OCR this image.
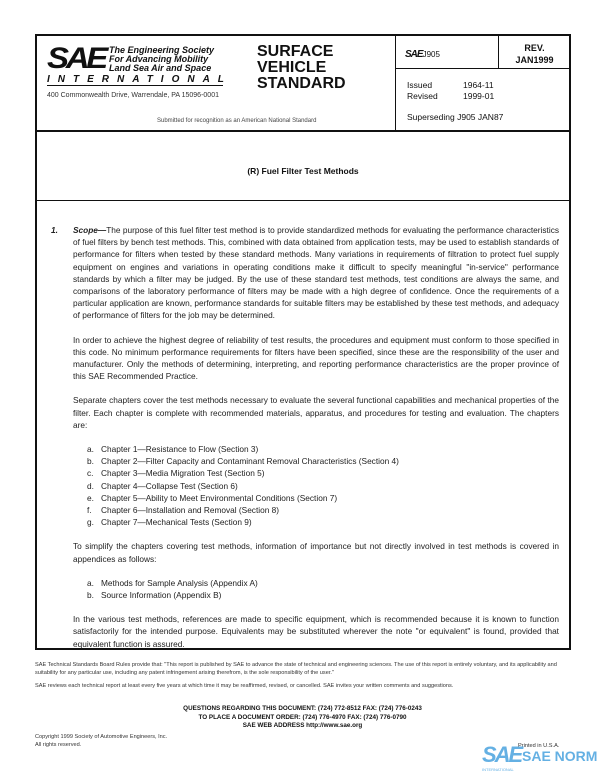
SAE The Engineering Society
For Advancing Mobility
Land Sea Air and Space
INTERNATIONAL
400 Commonwealth Drive, Warrendale, PA 15096-0001
SURFACE
VEHICLE
STANDARD
Submitted for recognition as an American National Standard
SAEJ905
REV.
JAN1999
Issued	1964-11
Revised	1999-01
Superseding J905 JAN87
(R) Fuel Filter Test Methods
1. Scope—The purpose of this fuel filter test method is to provide standardized methods for evaluating the performance characteristics of fuel filters by bench test methods. This, combined with data obtained from application tests, may be used to establish standards of performance for filters when tested by these standard methods. Many variations in requirements of filtration to protect fuel supply equipment on engines and variations in operating conditions make it difficult to specify meaningful "in-service" performance standards by which a filter may be judged. By the use of these standard test methods, test conditions are always the same, and comparisons of the laboratory performance of filters may be made with a high degree of confidence. Once the requirements of a particular application are known, performance standards for suitable filters may be established by these test methods, and adequacy of performance of filters for the job may be determined.

In order to achieve the highest degree of reliability of test results, the procedures and equipment must conform to those specified in this code. No minimum performance requirements for filters have been specified, since these are the responsibility of the user and manufacturer. Only the methods of determining, interpreting, and reporting performance characteristics are the proper province of this SAE Recommended Practice.

Separate chapters cover the test methods necessary to evaluate the several functional capabilities and mechanical properties of the filter. Each chapter is complete with recommended materials, apparatus, and procedures for testing and evaluation. The chapters are:

a. Chapter 1—Resistance to Flow (Section 3)
b. Chapter 2—Filter Capacity and Contaminant Removal Characteristics (Section 4)
c. Chapter 3—Media Migration Test (Section 5)
d. Chapter 4—Collapse Test (Section 6)
e. Chapter 5—Ability to Meet Environmental Conditions (Section 7)
f. Chapter 6—Installation and Removal (Section 8)
g. Chapter 7—Mechanical Tests (Section 9)

To simplify the chapters covering test methods, information of importance but not directly involved in test methods is covered in appendices as follows:

a. Methods for Sample Analysis (Appendix A)
b. Source Information (Appendix B)

In the various test methods, references are made to specific equipment, which is recommended because it is known to function satisfactorily for the intended purpose. Equivalents may be substituted wherever the note "or equivalent" is found, provided that equivalent function is assured.

SAE Technical Standards Board Rules provide that: "This report is published by SAE to advance the state of technical and engineering sciences. The use of this report is entirely voluntary, and its applicability and suitability for any particular use, including any patent infringement arising therefrom, is the sole responsibility of the user."
SAE reviews each technical report at least every five years at which time it may be reaffirmed, revised, or cancelled. SAE invites your written comments and suggestions.
QUESTIONS REGARDING THIS DOCUMENT: (724) 772-8512 FAX: (724) 776-0243
TO PLACE A DOCUMENT ORDER: (724) 776-4970 FAX: (724) 776-0790
SAE WEB ADDRESS http://www.sae.org
Copyright 1999 Society of Automotive Engineers, Inc.
All rights reserved.	Printed in U.S.A.
SAE SAE NORM
INTERNATIONAL
